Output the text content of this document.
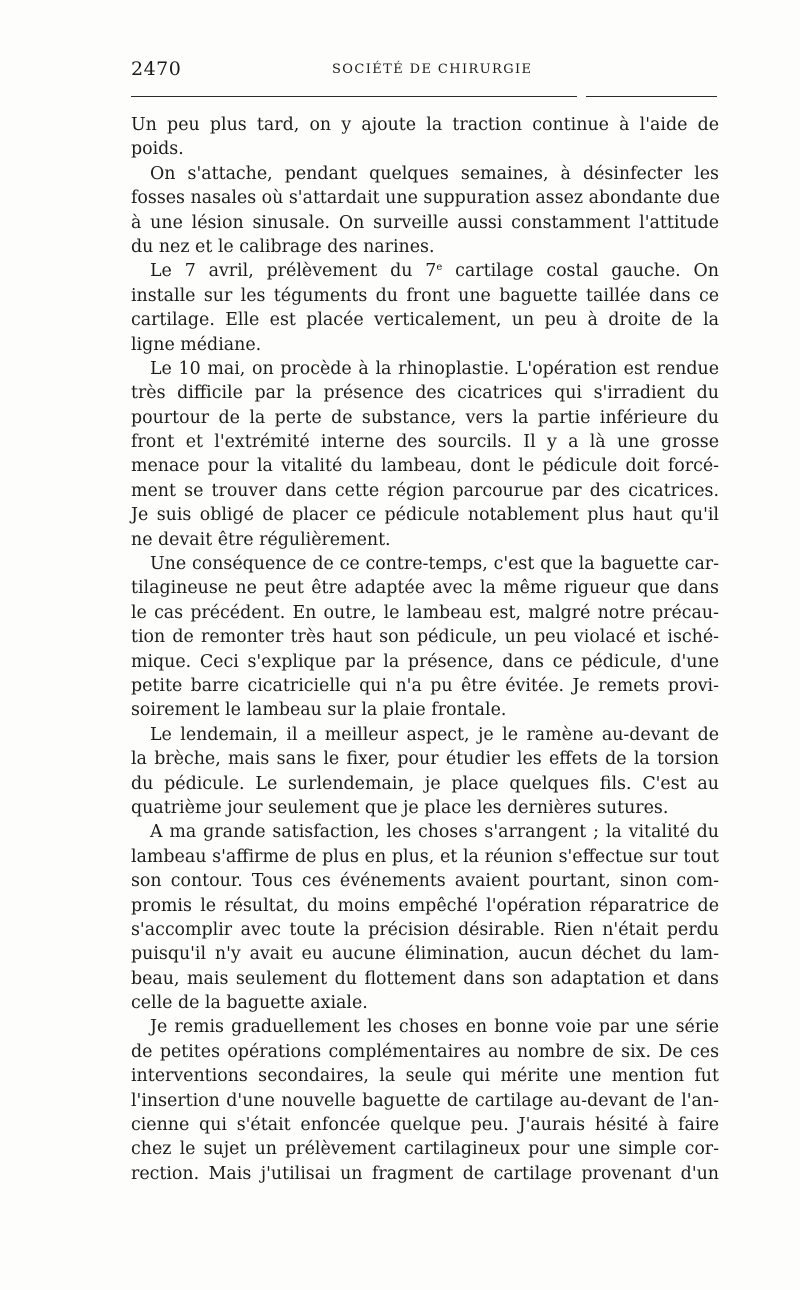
2470	SOCIÉTÉ DE CHIRURGIE
Un peu plus tard, on y ajoute la traction continue à l'aide de
poids.
On s'attache, pendant quelques semaines, à désinfecter les
fosses nasales où s'attardait une suppuration assez abondante due
à une lésion sinusale. On surveille aussi constamment l'attitude
du nez et le calibrage des narines.
Le 7 avril, prélèvement du 7e cartilage costal gauche. On
installe sur les téguments du front une baguette taillée dans ce
cartilage. Elle est placée verticalement, un peu à droite de la
ligne médiane.
Le 10 mai, on procède à la rhinoplastie. L'opération est rendue
très difficile par la présence des cicatrices qui s'irradient du
pourtour de la perte de substance, vers la partie inférieure du
front et l'extrémité interne des sourcils. Il y a là une grosse
menace pour la vitalité du lambeau, dont le pédicule doit forcé-
ment se trouver dans cette région parcourue par des cicatrices.
Je suis obligé de placer ce pédicule notablement plus haut qu'il
ne devait être régulièrement.
Une conséquence de ce contre-temps, c'est que la baguette car-
tilagineuse ne peut être adaptée avec la même rigueur que dans
le cas précédent. En outre, le lambeau est, malgré notre précau-
tion de remonter très haut son pédicule, un peu violacé et isché-
mique. Ceci s'explique par la présence, dans ce pédicule, d'une
petite barre cicatricielle qui n'a pu être évitée. Je remets provi-
soirement le lambeau sur la plaie frontale.
Le lendemain, il a meilleur aspect, je le ramène au-devant de
la brèche, mais sans le fixer, pour étudier les effets de la torsion
du pédicule. Le surlendemain, je place quelques fils. C'est au
quatrième jour seulement que je place les dernières sutures.
A ma grande satisfaction, les choses s'arrangent ; la vitalité du
lambeau s'affirme de plus en plus, et la réunion s'effectue sur tout
son contour. Tous ces événements avaient pourtant, sinon com-
promis le résultat, du moins empêché l'opération réparatrice de
s'accomplir avec toute la précision désirable. Rien n'était perdu
puisqu'il n'y avait eu aucune élimination, aucun déchet du lam-
beau, mais seulement du flottement dans son adaptation et dans
celle de la baguette axiale.
Je remis graduellement les choses en bonne voie par une série
de petites opérations complémentaires au nombre de six. De ces
interventions secondaires, la seule qui mérite une mention fut
l'insertion d'une nouvelle baguette de cartilage au-devant de l'an-
cienne qui s'était enfoncée quelque peu. J'aurais hésité à faire
chez le sujet un prélèvement cartilagineux pour une simple cor-
rection. Mais j'utilisai un fragment de cartilage provenant d'un
